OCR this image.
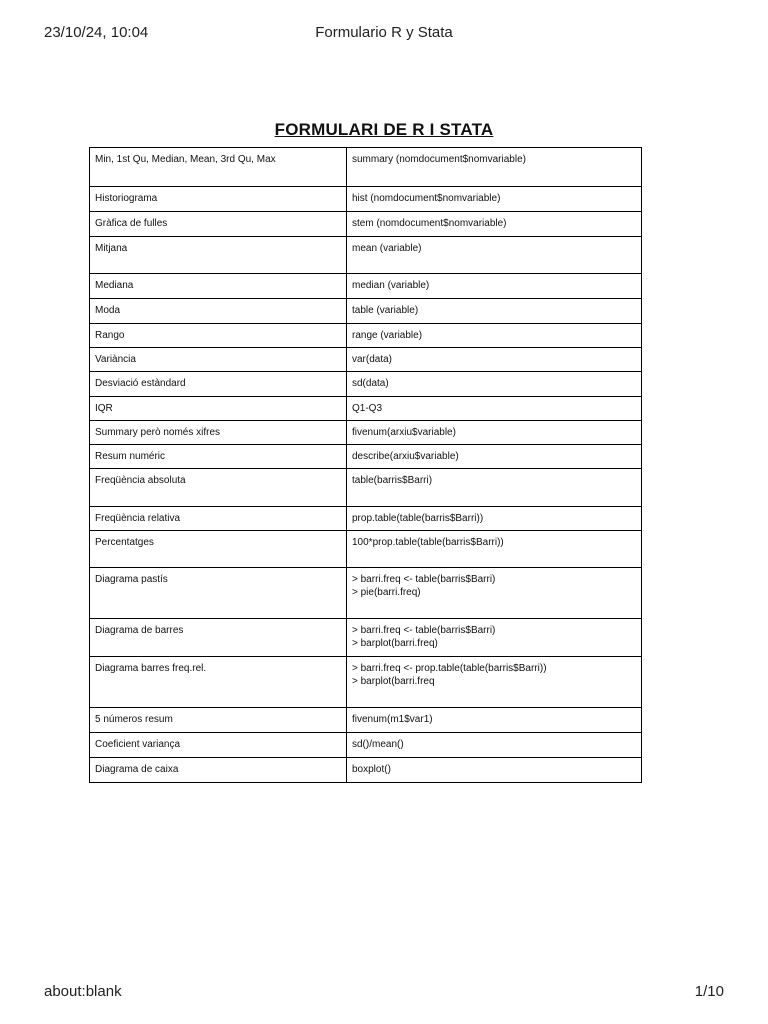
23/10/24, 10:04	Formulario R y Stata
FORMULARI DE R I STATA
Min, 1st Qu, Median, Mean, 3rd Qu, Max	summary (nomdocument$nomvariable)

Historiograma	hist (nomdocument$nomvariable)

Gràfica de fulles	stem (nomdocument$nomvariable)

Mitjana	mean (variable)

Mediana	median (variable)

Moda	table (variable)

Rango	range (variable)

Variància	var(data)

Desviació estàndard	sd(data)

IQR	Q1-Q3

Summary però només xifres	fivenum(arxiu$variable)

Resum numéric	describe(arxiu$variable)

Freqüència absoluta	table(barris$Barri)

Freqüència relativa	prop.table(table(barris$Barri))

Percentatges	100*prop.table(table(barris$Barri))

Diagrama pastís	> barri.freq <- table(barris$Barri)
> pie(barri.freq)

Diagrama de barres	> barri.freq <- table(barris$Barri)
> barplot(barri.freq)

Diagrama barres freq.rel.	> barri.freq <- prop.table(table(barris$Barri))
> barplot(barri.freq

5 números resum	fivenum(m1$var1)

Coeficient variança	sd()/mean()

Diagrama de caixa	boxplot()
about:blank	1/10
